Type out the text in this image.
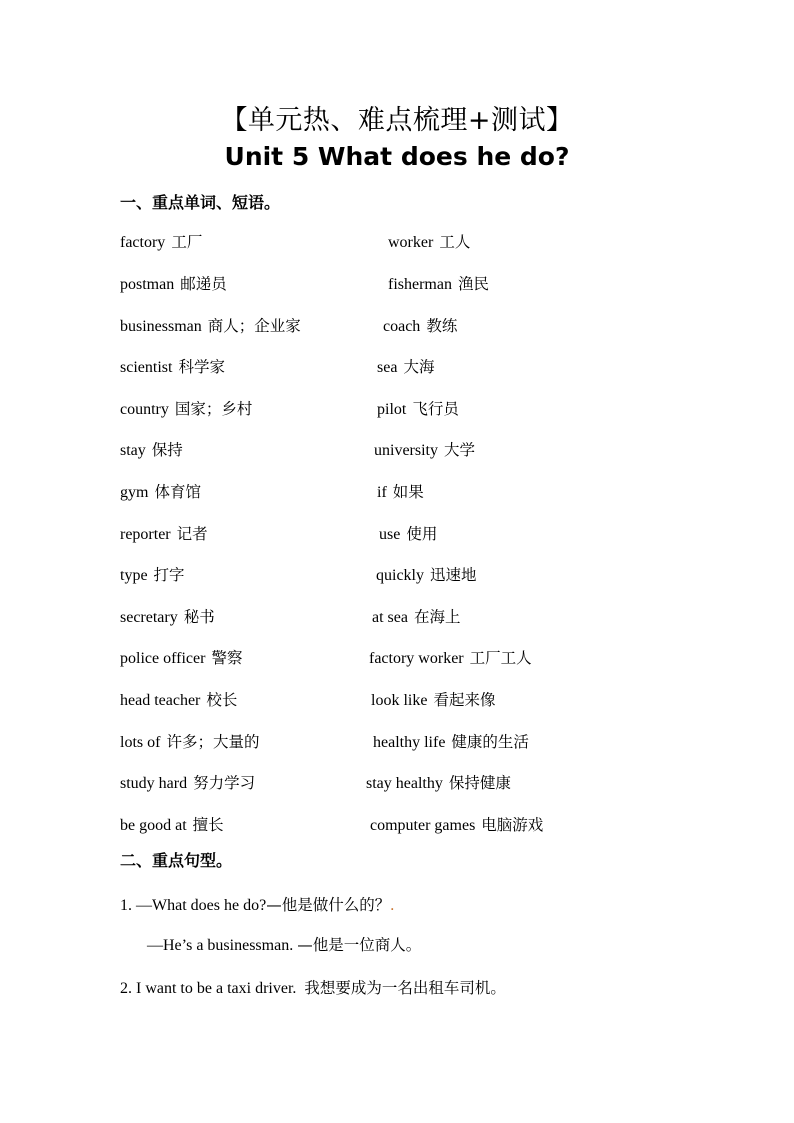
【单元热、难点梳理+测试】
Unit 5 What does he do?
一、重点单词、短语。
factory 工厂	worker 工人
postman 邮递员	fisherman 渔民
businessman 商人；企业家	coach 教练
scientist 科学家	sea 大海
country 国家；乡村	pilot 飞行员
stay 保持	university 大学
gym 体育馆	if 如果
reporter 记者	use 使用
type 打字	quickly 迅速地
secretary 秘书	at sea 在海上
police officer 警察	factory worker 工厂工人
head teacher 校长	look like 看起来像
lots of 许多；大量的	healthy life 健康的生活
study hard 努力学习	stay healthy 保持健康
be good at 擅长	computer games 电脑游戏
二、重点句型。
1. —What does he do?—他是做什么的？.
—He’s a businessman. —他是一位商人。
2. I want to be a taxi driver. 我想要成为一名出租车司机。
